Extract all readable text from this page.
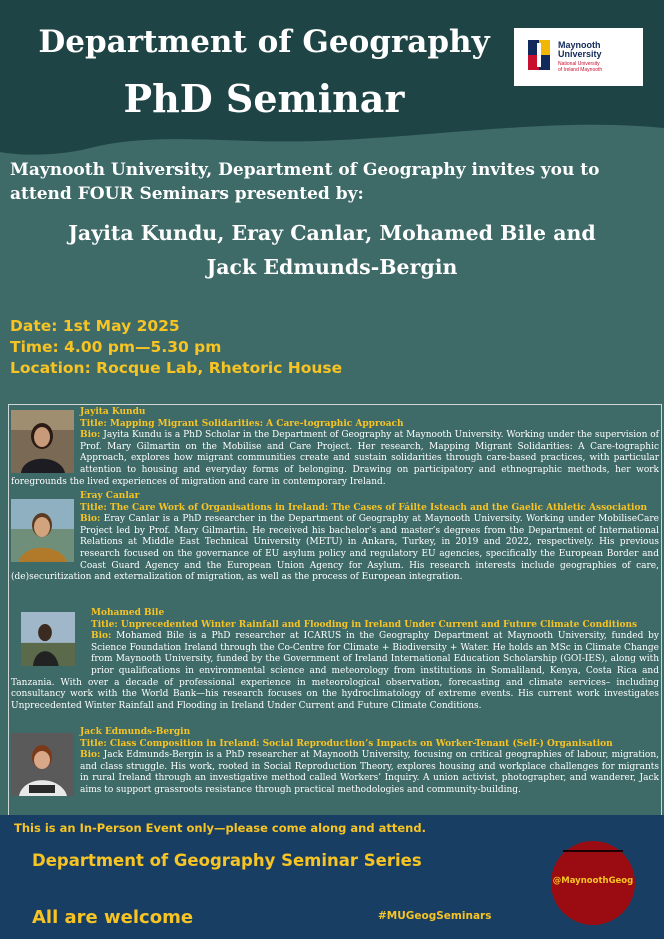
Department of Geography
PhD Seminar
Maynooth
University
National University
of Ireland Maynooth
Maynooth University, Department of Geography invites you to
attend FOUR Seminars presented by:
Jayita Kundu, Eray Canlar, Mohamed Bile and
Jack Edmunds-Bergin
Date: 1st May 2025
Time: 4.00 pm—5.30 pm
Location: Rocque Lab, Rhetoric House
Jayita Kundu
Title: Mapping Migrant Solidarities: A Care-tographic Approach
Bio: Jayita Kundu is a PhD Scholar in the Department of Geography at Maynooth University. Working under the supervision of Prof. Mary Gilmartin on the Mobilise and Care Project. Her research, Mapping Migrant Solidarities: A Care-tographic Approach, explores how migrant communities create and sustain solidarities through care-based practices, with particular attention to housing and everyday forms of belonging. Drawing on participatory and ethnographic methods, her work foregrounds the lived experiences of migration and care in contemporary Ireland.
Eray Canlar
Title: The Care Work of Organisations in Ireland: The Cases of Fáilte Isteach and the Gaelic Athletic Association
Bio: Eray Canlar is a PhD researcher in the Department of Geography at Maynooth University. Working under MobiliseCare Project led by Prof. Mary Gilmartin. He received his bachelor’s and master’s degrees from the Department of International Relations at Middle East Technical University (METU) in Ankara, Turkey, in 2019 and 2022, respectively. His previous research focused on the governance of EU asylum policy and regulatory EU agencies, specifically the European Border and Coast Guard Agency and the European Union Agency for Asylum. His research interests include geographies of care, (de)securitization and externalization of migration, as well as the process of European integration.
Mohamed Bile
Title: Unprecedented Winter Rainfall and Flooding in Ireland Under Current and Future Climate Conditions
Bio: Mohamed Bile is a PhD researcher at ICARUS in the Geography Department at Maynooth University, funded by Science Foundation Ireland through the Co-Centre for Climate + Biodiversity + Water. He holds an MSc in Climate Change from Maynooth University, funded by the Government of Ireland International Education Scholarship (GOI-IES), along with prior qualifications in environmental science and meteorology from institutions in Somaliland, Kenya, Costa Rica and Tanzania. With over a decade of professional experience in meteorological observation, forecasting and climate services– including consultancy work with the World Bank—his research focuses on the hydroclimatology of extreme events. His current work investigates Unprecedented Winter Rainfall and Flooding in Ireland Under Current and Future Climate Conditions.
Jack Edmunds-Bergin
Title: Class Composition in Ireland: Social Reproduction’s Impacts on Worker-Tenant (Self-) Organisation
Bio: Jack Edmunds-Bergin is a PhD researcher at Maynooth University, focusing on critical geographies of labour, migration, and class struggle. His work, rooted in Social Reproduction Theory, explores housing and workplace challenges for migrants in rural Ireland through an investigative method called Workers’ Inquiry. A union activist, photographer, and wanderer, Jack aims to support grassroots resistance through practical methodologies and community-building.
This is an In-Person Event only—please come along and attend.
Department of Geography Seminar Series
All are welcome	#MUGeogSeminars
@MaynoothGeog
